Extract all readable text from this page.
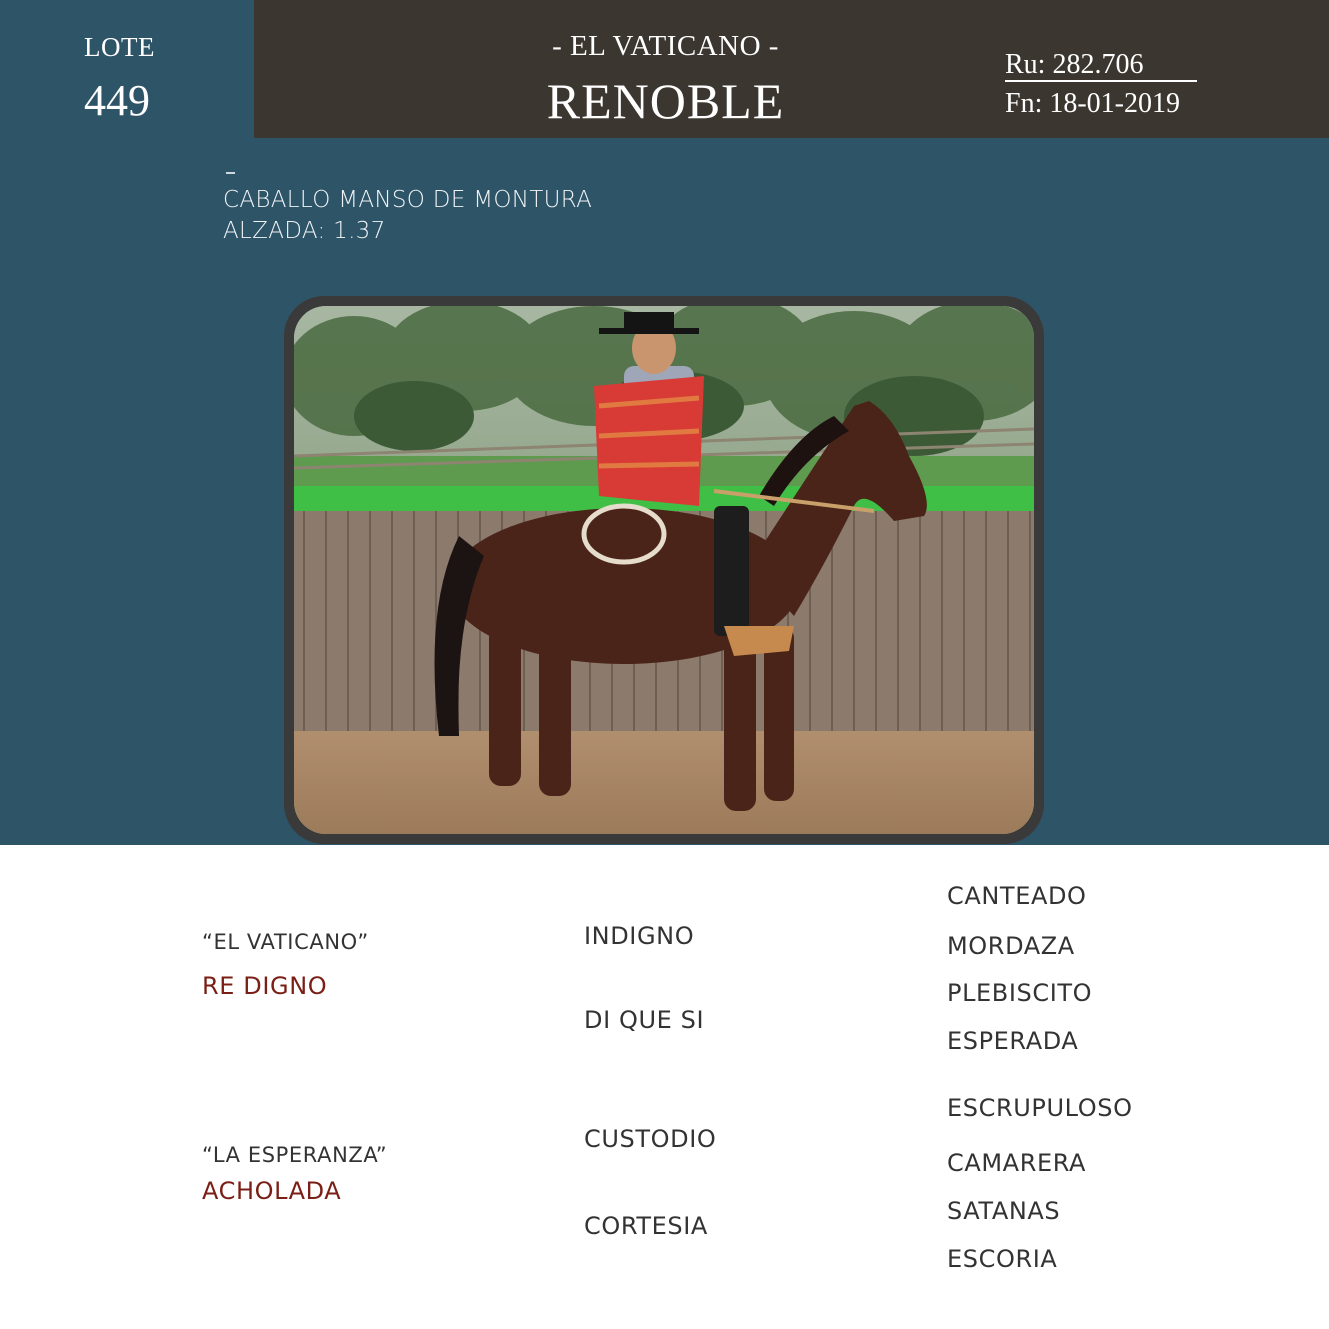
LOTE
449
- EL VATICANO -
RENOBLE
Ru: 282.706
Fn: 18-01-2019
CABALLO MANSO DE MONTURA
ALZADA: 1.37
“EL VATICANO”
RE DIGNO
“LA ESPERANZA”
ACHOLADA
INDIGNO
DI QUE SI
CUSTODIO
CORTESIA
CANTEADO
MORDAZA
PLEBISCITO
ESPERADA
ESCRUPULOSO
CAMARERA
SATANAS
ESCORIA
